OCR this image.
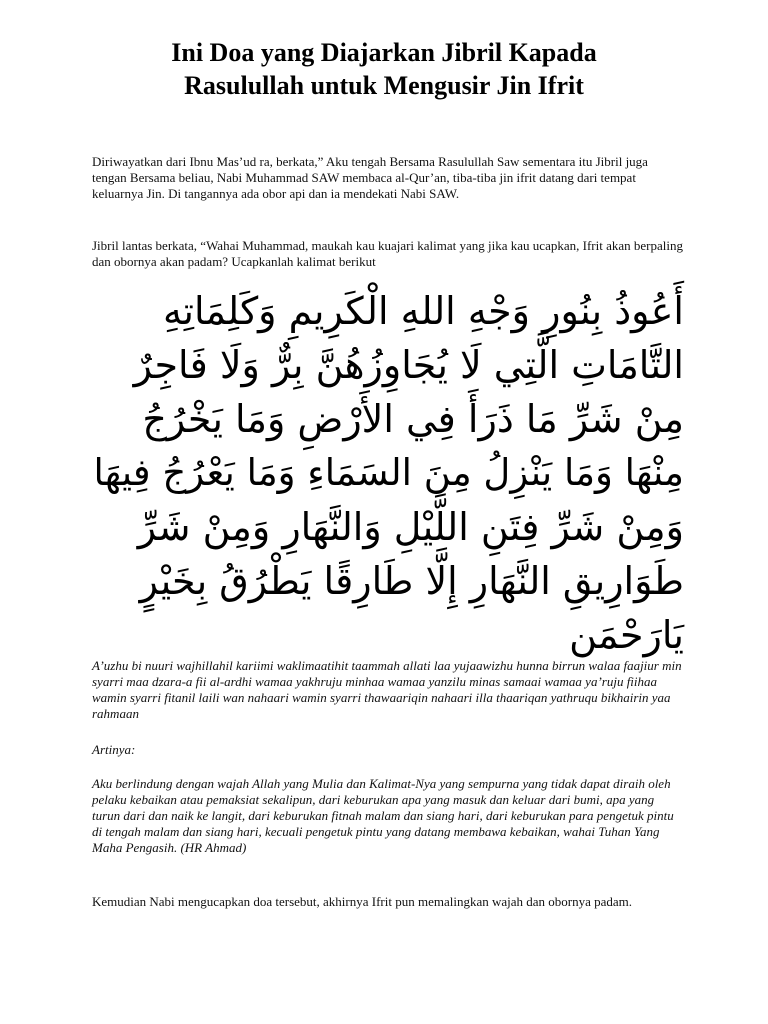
Ini Doa yang Diajarkan Jibril Kapada
Rasulullah untuk Mengusir Jin Ifrit

Diriwayatkan dari Ibnu Mas’ud ra, berkata,” Aku tengah Bersama Rasulullah Saw sementara itu Jibril juga tengan Bersama beliau, Nabi Muhammad SAW membaca al-Qur’an, tiba-tiba jin ifrit datang dari tempat keluarnya Jin. Di tangannya ada obor api dan ia mendekati Nabi SAW.

Jibril lantas berkata, “Wahai Muhammad, maukah kau kuajari kalimat yang jika kau ucapkan, Ifrit akan berpaling dan obornya akan padam? Ucapkanlah kalimat berikut

أَعُوذُ بِنُورِ وَجْهِ اللهِ الْكَرِيمِ وَكَلِمَاتِهِ
التَّامَاتِ الَّتِي لَا يُجَاوِزُهُنَّ بِرٌّ وَلَا فَاجِرٌ
مِنْ شَرِّ مَا ذَرَأَ فِي الأَرْضِ وَمَا يَخْرُجُ
مِنْهَا وَمَا يَنْزِلُ مِنَ السَمَاءِ وَمَا يَعْرُجُ فِيهَا
وَمِنْ شَرِّ فِتَنِ اللَّيْلِ وَالنَّهَارِ وَمِنْ شَرِّ
طَوَارِيقِ النَّهَارِ إِلَّا طَارِقًا يَطْرُقُ بِخَيْرٍ
يَارَحْمَن

A’uzhu bi nuuri wajhillahil kariimi waklimaatihit taammah allati laa yujaawizhu hunna birrun walaa faajiur min syarri maa dzara-a fii al-ardhi wamaa yakhruju minhaa wamaa yanzilu minas samaai wamaa ya’ruju fiihaa wamin syarri fitanil laili wan nahaari wamin syarri thawaariqin nahaari illa thaariqan yathruqu bikhairin yaa rahmaan

Artinya:

Aku berlindung dengan wajah Allah yang Mulia dan Kalimat-Nya yang sempurna yang tidak dapat diraih oleh pelaku kebaikan atau pemaksiat sekalipun, dari keburukan apa yang masuk dan keluar dari bumi, apa yang turun dari dan naik ke langit, dari keburukan fitnah malam dan siang hari, dari keburukan para pengetuk pintu di tengah malam dan siang hari, kecuali pengetuk pintu yang datang membawa kebaikan, wahai Tuhan Yang Maha Pengasih. (HR Ahmad)

Kemudian Nabi mengucapkan doa tersebut, akhirnya Ifrit pun memalingkan wajah dan obornya padam.
